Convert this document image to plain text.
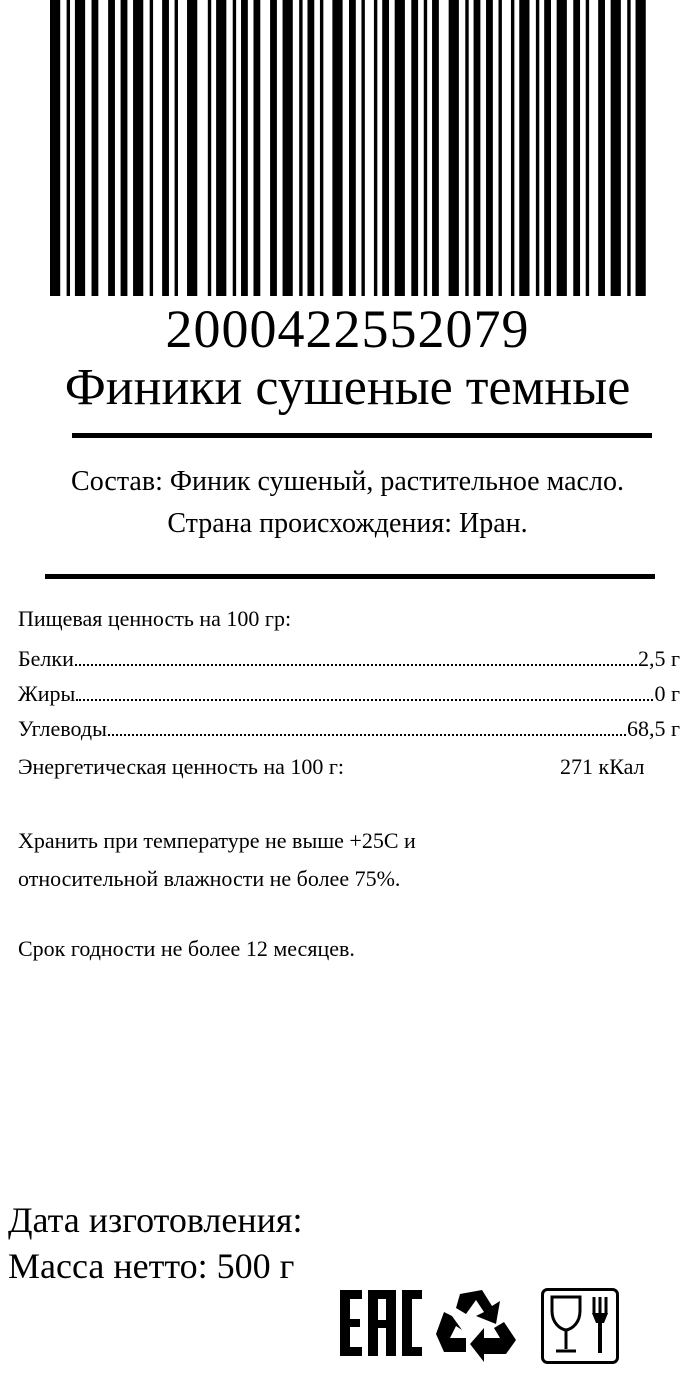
2000422552079
Финики сушеные темные
Состав: Финик сушеный, растительное масло.
Страна происхождения: Иран.
Пищевая ценность на 100 гр:
Белки	2,5 г
Жиры	0 г
Углеводы	68,5 г
Энергетическая ценность на 100 г:	271 кКал
Хранить при температуре не выше +25С и
относительной влажности не более 75%.
Срок годности не более 12 месяцев.
Дата изготовления:
Масса нетто: 500 г
